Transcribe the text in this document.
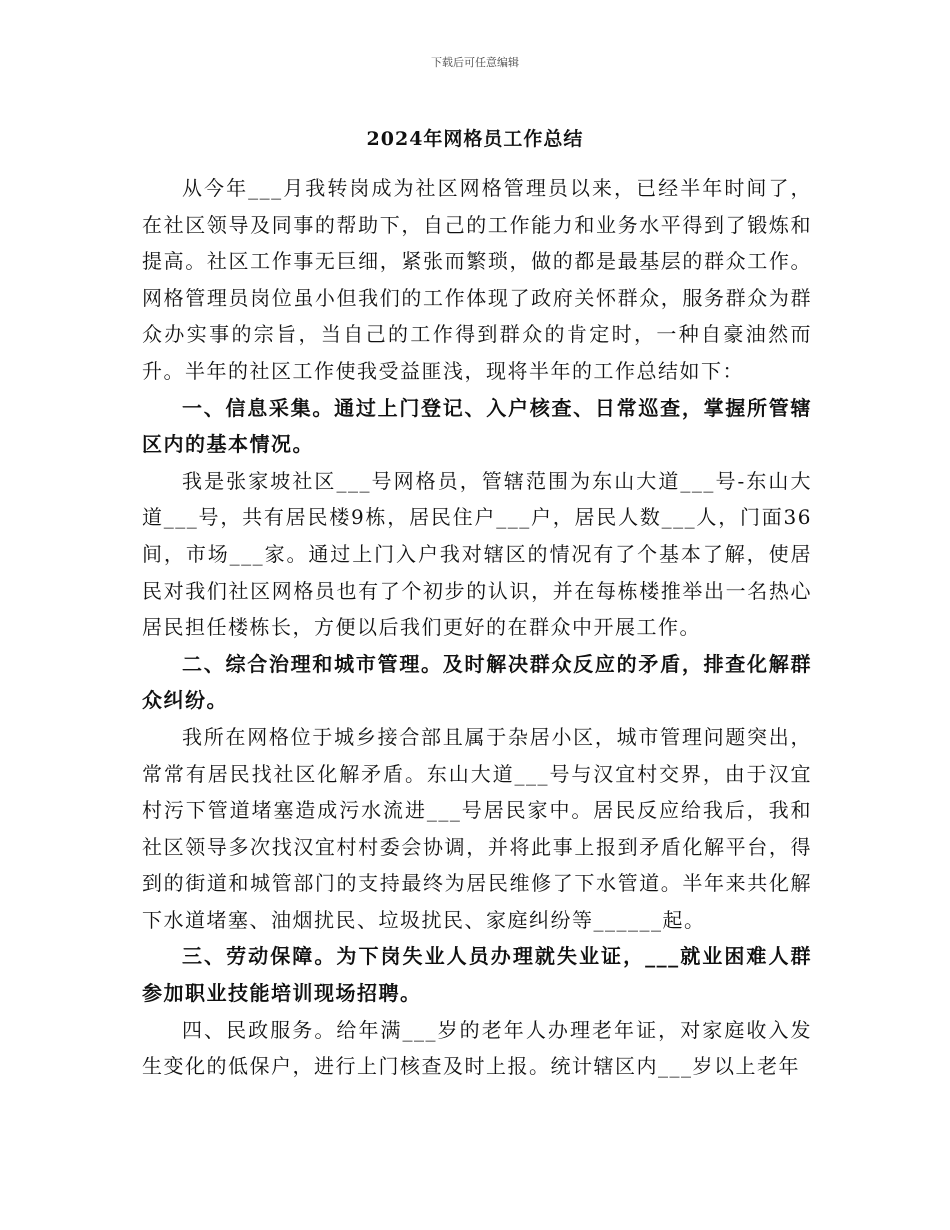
下载后可任意编辑
2024年网格员工作总结

从今年___月我转岗成为社区网格管理员以来，已经半年时间了，在社区领导及同事的帮助下，自己的工作能力和业务水平得到了锻炼和提高。社区工作事无巨细，紧张而繁琐，做的都是最基层的群众工作。网格管理员岗位虽小但我们的工作体现了政府关怀群众，服务群众为群众办实事的宗旨，当自己的工作得到群众的肯定时，一种自豪油然而升。半年的社区工作使我受益匪浅，现将半年的工作总结如下：

一、信息采集。通过上门登记、入户核查、日常巡查，掌握所管辖区内的基本情况。

我是张家坡社区___号网格员，管辖范围为东山大道___号-东山大道___号，共有居民楼9栋，居民住户___户，居民人数___人，门面36间，市场___家。通过上门入户我对辖区的情况有了个基本了解，使居民对我们社区网格员也有了个初步的认识，并在每栋楼推举出一名热心居民担任楼栋长，方便以后我们更好的在群众中开展工作。

二、综合治理和城市管理。及时解决群众反应的矛盾，排查化解群众纠纷。

我所在网格位于城乡接合部且属于杂居小区，城市管理问题突出，常常有居民找社区化解矛盾。东山大道___号与汉宜村交界，由于汉宜村污下管道堵塞造成污水流进___号居民家中。居民反应给我后，我和社区领导多次找汉宜村村委会协调，并将此事上报到矛盾化解平台，得到的街道和城管部门的支持最终为居民维修了下水管道。半年来共化解下水道堵塞、油烟扰民、垃圾扰民、家庭纠纷等______起。

三、劳动保障。为下岗失业人员办理就失业证，___就业困难人群参加职业技能培训现场招聘。

四、民政服务。给年满___岁的老年人办理老年证，对家庭收入发生变化的低保户，进行上门核查及时上报。统计辖区内___岁以上老年
